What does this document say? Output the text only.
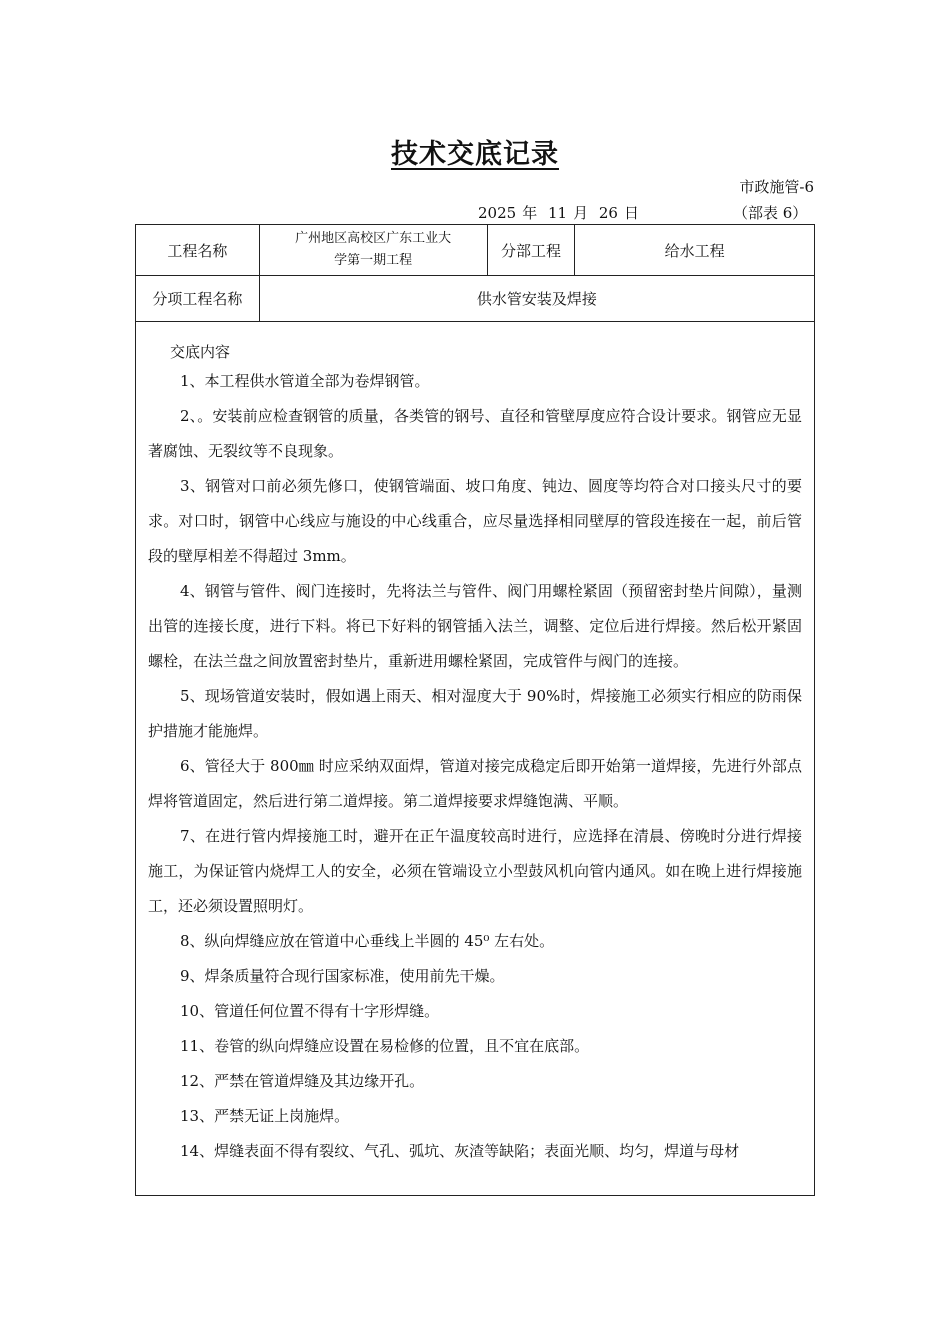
技术交底记录
市政施管-6
2025 年 11 月 26 日	（部表 6）
工程名称	广州地区高校区广东工业大学第一期工程	分部工程	给水工程
分项工程名称	供水管安装及焊接		
交底内容

1、本工程供水管道全部为卷焊钢管。

2、。安装前应检查钢管的质量，各类管的钢号、直径和管壁厚度应符合设计要求。钢管应无显著腐蚀、无裂纹等不良现象。

3、钢管对口前必须先修口，使钢管端面、坡口角度、钝边、圆度等均符合对口接头尺寸的要求。对口时，钢管中心线应与施设的中心线重合，应尽量选择相同壁厚的管段连接在一起，前后管段的壁厚相差不得超过 3mm。

4、钢管与管件、阀门连接时，先将法兰与管件、阀门用螺栓紧固（预留密封垫片间隙），量测出管的连接长度，进行下料。将已下好料的钢管插入法兰，调整、定位后进行焊接。然后松开紧固螺栓，在法兰盘之间放置密封垫片，重新进用螺栓紧固，完成管件与阀门的连接。

5、现场管道安装时，假如遇上雨天、相对湿度大于 90%时，焊接施工必须实行相应的防雨保护措施才能施焊。

6、管径大于 800㎜ 时应采纳双面焊，管道对接完成稳定后即开始第一道焊接，先进行外部点焊将管道固定，然后进行第二道焊接。第二道焊接要求焊缝饱满、平顺。

7、在进行管内焊接施工时，避开在正午温度较高时进行，应选择在清晨、傍晚时分进行焊接施工，为保证管内烧焊工人的安全，必须在管端设立小型鼓风机向管内通风。如在晚上进行焊接施工，还必须设置照明灯。

8、纵向焊缝应放在管道中心垂线上半圆的 45⁰ 左右处。

9、焊条质量符合现行国家标准，使用前先干燥。

10、管道任何位置不得有十字形焊缝。

11、卷管的纵向焊缝应设置在易检修的位置，且不宜在底部。

12、严禁在管道焊缝及其边缘开孔。

13、严禁无证上岗施焊。

14、焊缝表面不得有裂纹、气孔、弧坑、灰渣等缺陷；表面光顺、均匀，焊道与母材
